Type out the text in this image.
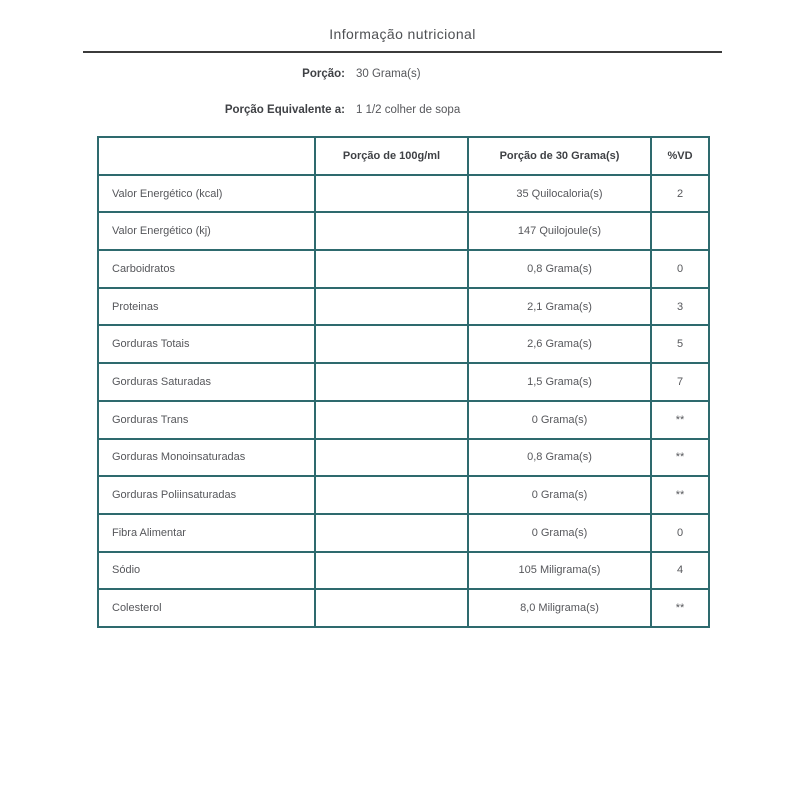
Informação nutricional
Porção: 30 Grama(s)
Porção Equivalente a: 1 1/2 colher de sopa
	Porção de 100g/ml	Porção de 30 Grama(s)	%VD
Valor Energético (kcal)		35 Quilocaloria(s)	2
Valor Energético (kj)		147 Quilojoule(s)	
Carboidratos		0,8 Grama(s)	0
Proteinas		2,1 Grama(s)	3
Gorduras Totais		2,6 Grama(s)	5
Gorduras Saturadas		1,5 Grama(s)	7
Gorduras Trans		0 Grama(s)	**
Gorduras Monoinsaturadas		0,8 Grama(s)	**
Gorduras Poliinsaturadas		0 Grama(s)	**
Fibra Alimentar		0 Grama(s)	0
Sódio		105 Miligrama(s)	4
Colesterol		8,0 Miligrama(s)	**
